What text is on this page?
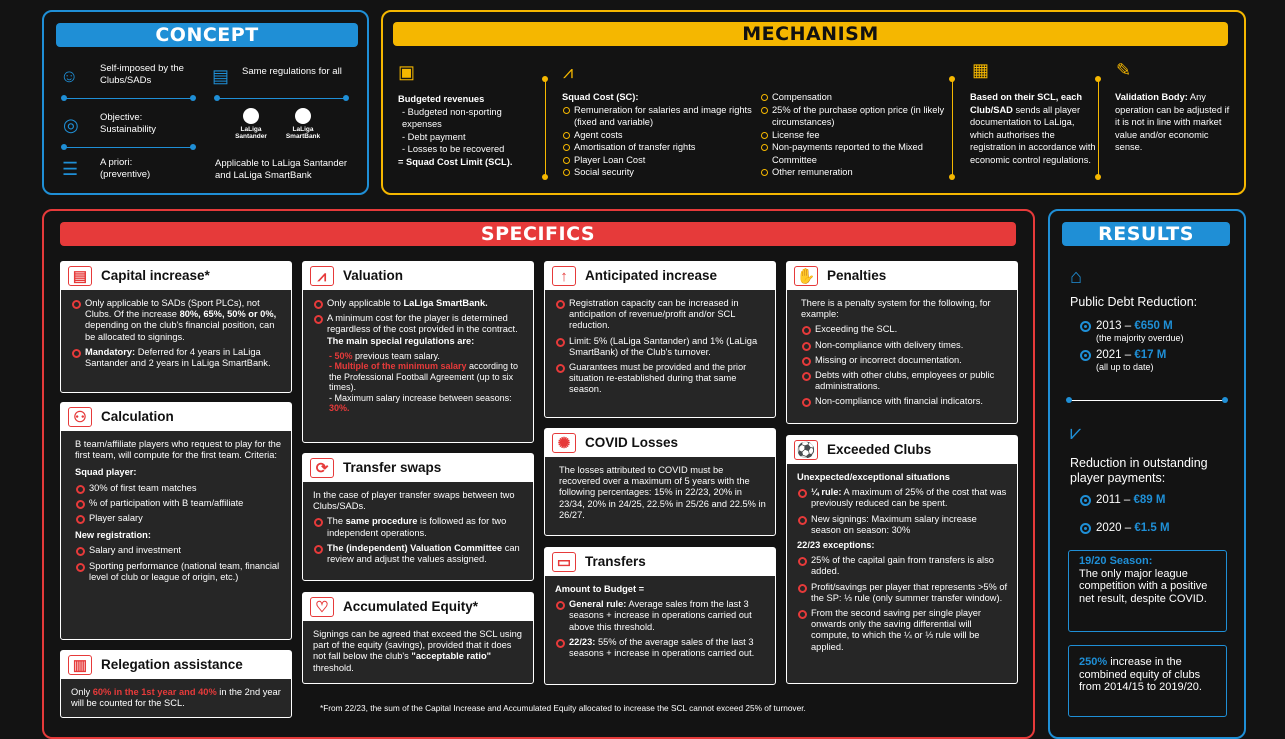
CONCEPT
☺ Self-imposed by the Clubs/SADs	▤ Same regulations for all
◎ Objective: Sustainability
☰ A priori: (preventive)
LaLiga Santander
LaLiga SmartBank
Applicable to LaLiga Santander and LaLiga SmartBank
MECHANISM
▣
Budgeted revenues
- Budgeted non-sporting expenses
- Debt payment
- Losses to be recovered
= Squad Cost Limit (SCL).
⩘
Squad Cost (SC):
Remuneration for salaries and image rights (fixed and variable)
Agent costs
Amortisation of transfer rights
Player Loan Cost
Social security
Compensation
25% of the purchase option price (in likely circumstances)
License fee
Non-payments reported to the Mixed Committee
Other remuneration
▦
Based on their SCL, each Club/SAD sends all player documentation to LaLiga, which authorises the registration in accordance with economic control regulations.
✎
Validation Body: Any operation can be adjusted if it is not in line with market value and/or economic sense.
SPECIFICS
▤	Capital increase*
Only applicable to SADs (Sport PLCs), not Clubs. Of the increase 80%, 65%, 50% or 0%, depending on the club's financial position, can be allocated to signings.
Mandatory: Deferred for 4 years in LaLiga Santander and 2 years in LaLiga SmartBank.
⚇	Calculation

B team/affiliate players who request to play for the first team, will compute for the first team. Criteria:

Squad player:

30% of first team matches
% of participation with B team/affiliate
Player salary

New registration:

Salary and investment
Sporting performance (national team, financial level of club or league of origin, etc.)
▥	Relegation assistance
Only 60% in the 1st year and 40% in the 2nd year will be counted for the SCL.
⩘	Valuation
Only applicable to LaLiga SmartBank.
A minimum cost for the player is determined regardless of the cost provided in the contract. The main special regulations are:
- 50% previous team salary.
- Multiple of the minimum salary according to the Professional Football Agreement (up to six times).
- Maximum salary increase between seasons: 30%.
⟳	Transfer swaps

In the case of player transfer swaps between two Clubs/SADs.

The same procedure is followed as for two independent operations.
The (independent) Valuation Committee can review and adjust the values assigned.
♡	Accumulated Equity*
Signings can be agreed that exceed the SCL using part of the equity (savings), provided that it does not fall below the club's "acceptable ratio" threshold.
↑	Anticipated increase
Registration capacity can be increased in anticipation of revenue/profit and/or SCL reduction.
Limit: 5% (LaLiga Santander) and 1% (LaLiga SmartBank) of the Club's turnover.
Guarantees must be provided and the prior situation re-established during that same season.
✺	COVID Losses

The losses attributed to COVID must be recovered over a maximum of 5 years with the following percentages: 15% in 22/23, 20% in 23/34, 20% in 24/25, 22.5% in 25/26 and 22.5% in 26/27.

▭	Transfers

Amount to Budget =

General rule: Average sales from the last 3 seasons + increase in operations carried out above this threshold.
22/23: 55% of the average sales of the last 3 seasons + increase in operations carried out.
✋ Penalties

There is a penalty system for the following, for example:

Exceeding the SCL.
Non-compliance with delivery times.
Missing or incorrect documentation.
Debts with other clubs, employees or public administrations.
Non-compliance with financial indicators.
⚽ Exceeded Clubs

Unexpected/exceptional situations

¼ rule: A maximum of 25% of the cost that was previously reduced can be spent.
New signings: Maximum salary increase season on season: 30%

22/23 exceptions:

25% of the capital gain from transfers is also added.
Profit/savings per player that represents >5% of the SP: ⅓ rule (only summer transfer window).
From the second saving per single player onwards only the saving differential will compute, to which the ¼ or ⅓ rule will be applied.
*From 22/23, the sum of the Capital Increase and Accumulated Equity allocated to increase the SCL cannot exceed 25% of turnover.
RESULTS
⌂
Public Debt Reduction:
2013 – €650 M
(the majority overdue)
2021 – €17 M
(all up to date)
⩗
Reduction in outstanding player payments:
2011 – €89 M
2020 – €1.5 M
19/20 Season:
The only major league competition with a positive net result, despite COVID.
250% increase in the combined equity of clubs from 2014/15 to 2019/20.
